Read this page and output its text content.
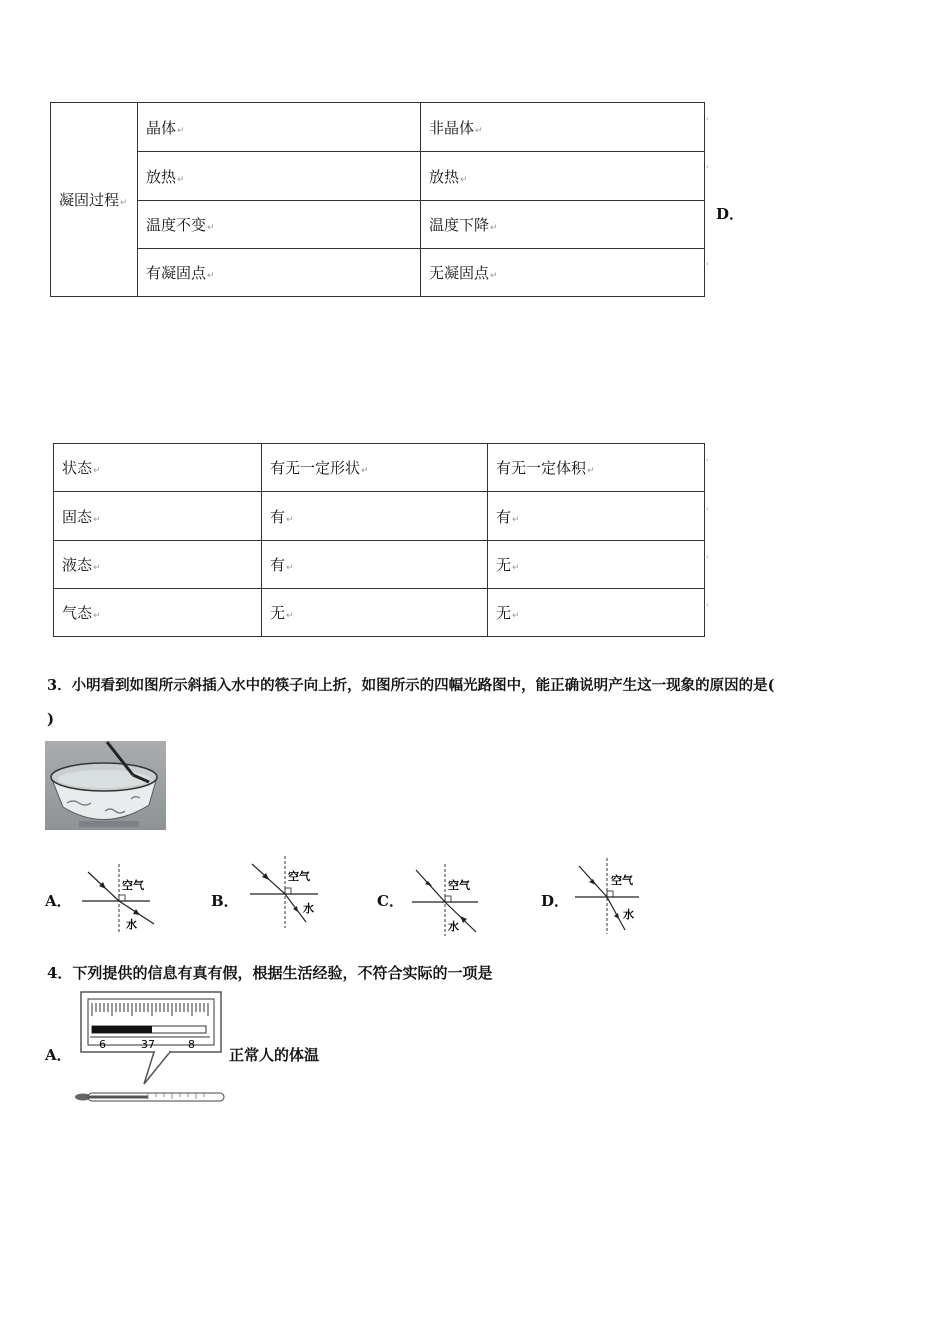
凝固过程↵	晶体↵	非晶体↵
	放热↵	放热↵
	温度不变↵	温度下降↵
	有凝固点↵	无凝固点↵
D．
'
'
'
状态↵	有无一定形状↵	有无一定体积↵
固态↵	有↵	有↵
液态↵	有↵	无↵
气态↵	无↵	无↵
'
'
'
'
3．小明看到如图所示斜插入水中的筷子向上折，如图所示的四幅光路图中，能正确说明产生这一现象的原因的是(
)
A．
空气
水
B．
空气
水	C．
空气
水
D．
空气
水
4．下列提供的信息有真有假，根据生活经验，不符合实际的一项是
A．	正常人的体温
6	37	8
